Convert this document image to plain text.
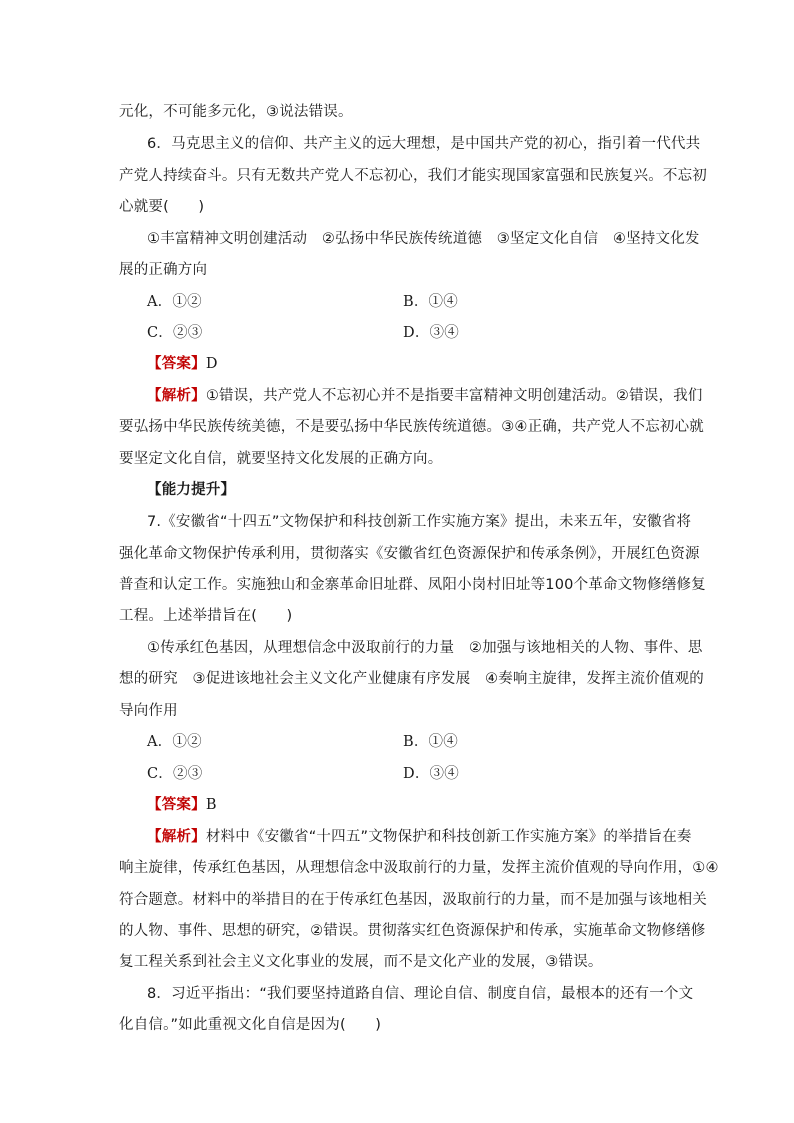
元化，不可能多元化，③说法错误。
6．马克思主义的信仰、共产主义的远大理想，是中国共产党的初心，指引着一代代共
产党人持续奋斗。只有无数共产党人不忘初心，我们才能实现国家富强和民族复兴。不忘初
心就要(　　)
①丰富精神文明创建活动　②弘扬中华民族传统道德　③坚定文化自信　④坚持文化发
展的正确方向
A．①②	B．①④
C．②③	D．③④
【答案】D
【解析】①错误，共产党人不忘初心并不是指要丰富精神文明创建活动。②错误，我们
要弘扬中华民族传统美德，不是要弘扬中华民族传统道德。③④正确，共产党人不忘初心就
要坚定文化自信，就要坚持文化发展的正确方向。
【能力提升】
7.《安徽省“十四五”文物保护和科技创新工作实施方案》提出，未来五年，安徽省将
强化革命文物保护传承利用，贯彻落实《安徽省红色资源保护和传承条例》，开展红色资源
普查和认定工作。实施独山和金寨革命旧址群、凤阳小岗村旧址等100个革命文物修缮修复
工程。上述举措旨在(　　)
①传承红色基因，从理想信念中汲取前行的力量　②加强与该地相关的人物、事件、思
想的研究　③促进该地社会主义文化产业健康有序发展　④奏响主旋律，发挥主流价值观的
导向作用
A．①②	B．①④
C．②③	D．③④
【答案】B
【解析】材料中《安徽省“十四五”文物保护和科技创新工作实施方案》的举措旨在奏
响主旋律，传承红色基因，从理想信念中汲取前行的力量，发挥主流价值观的导向作用，①④
符合题意。材料中的举措目的在于传承红色基因，汲取前行的力量，而不是加强与该地相关
的人物、事件、思想的研究，②错误。贯彻落实红色资源保护和传承，实施革命文物修缮修
复工程关系到社会主义文化事业的发展，而不是文化产业的发展，③错误。
8．习近平指出：“我们要坚持道路自信、理论自信、制度自信，最根本的还有一个文
化自信。”如此重视文化自信是因为(　　)
